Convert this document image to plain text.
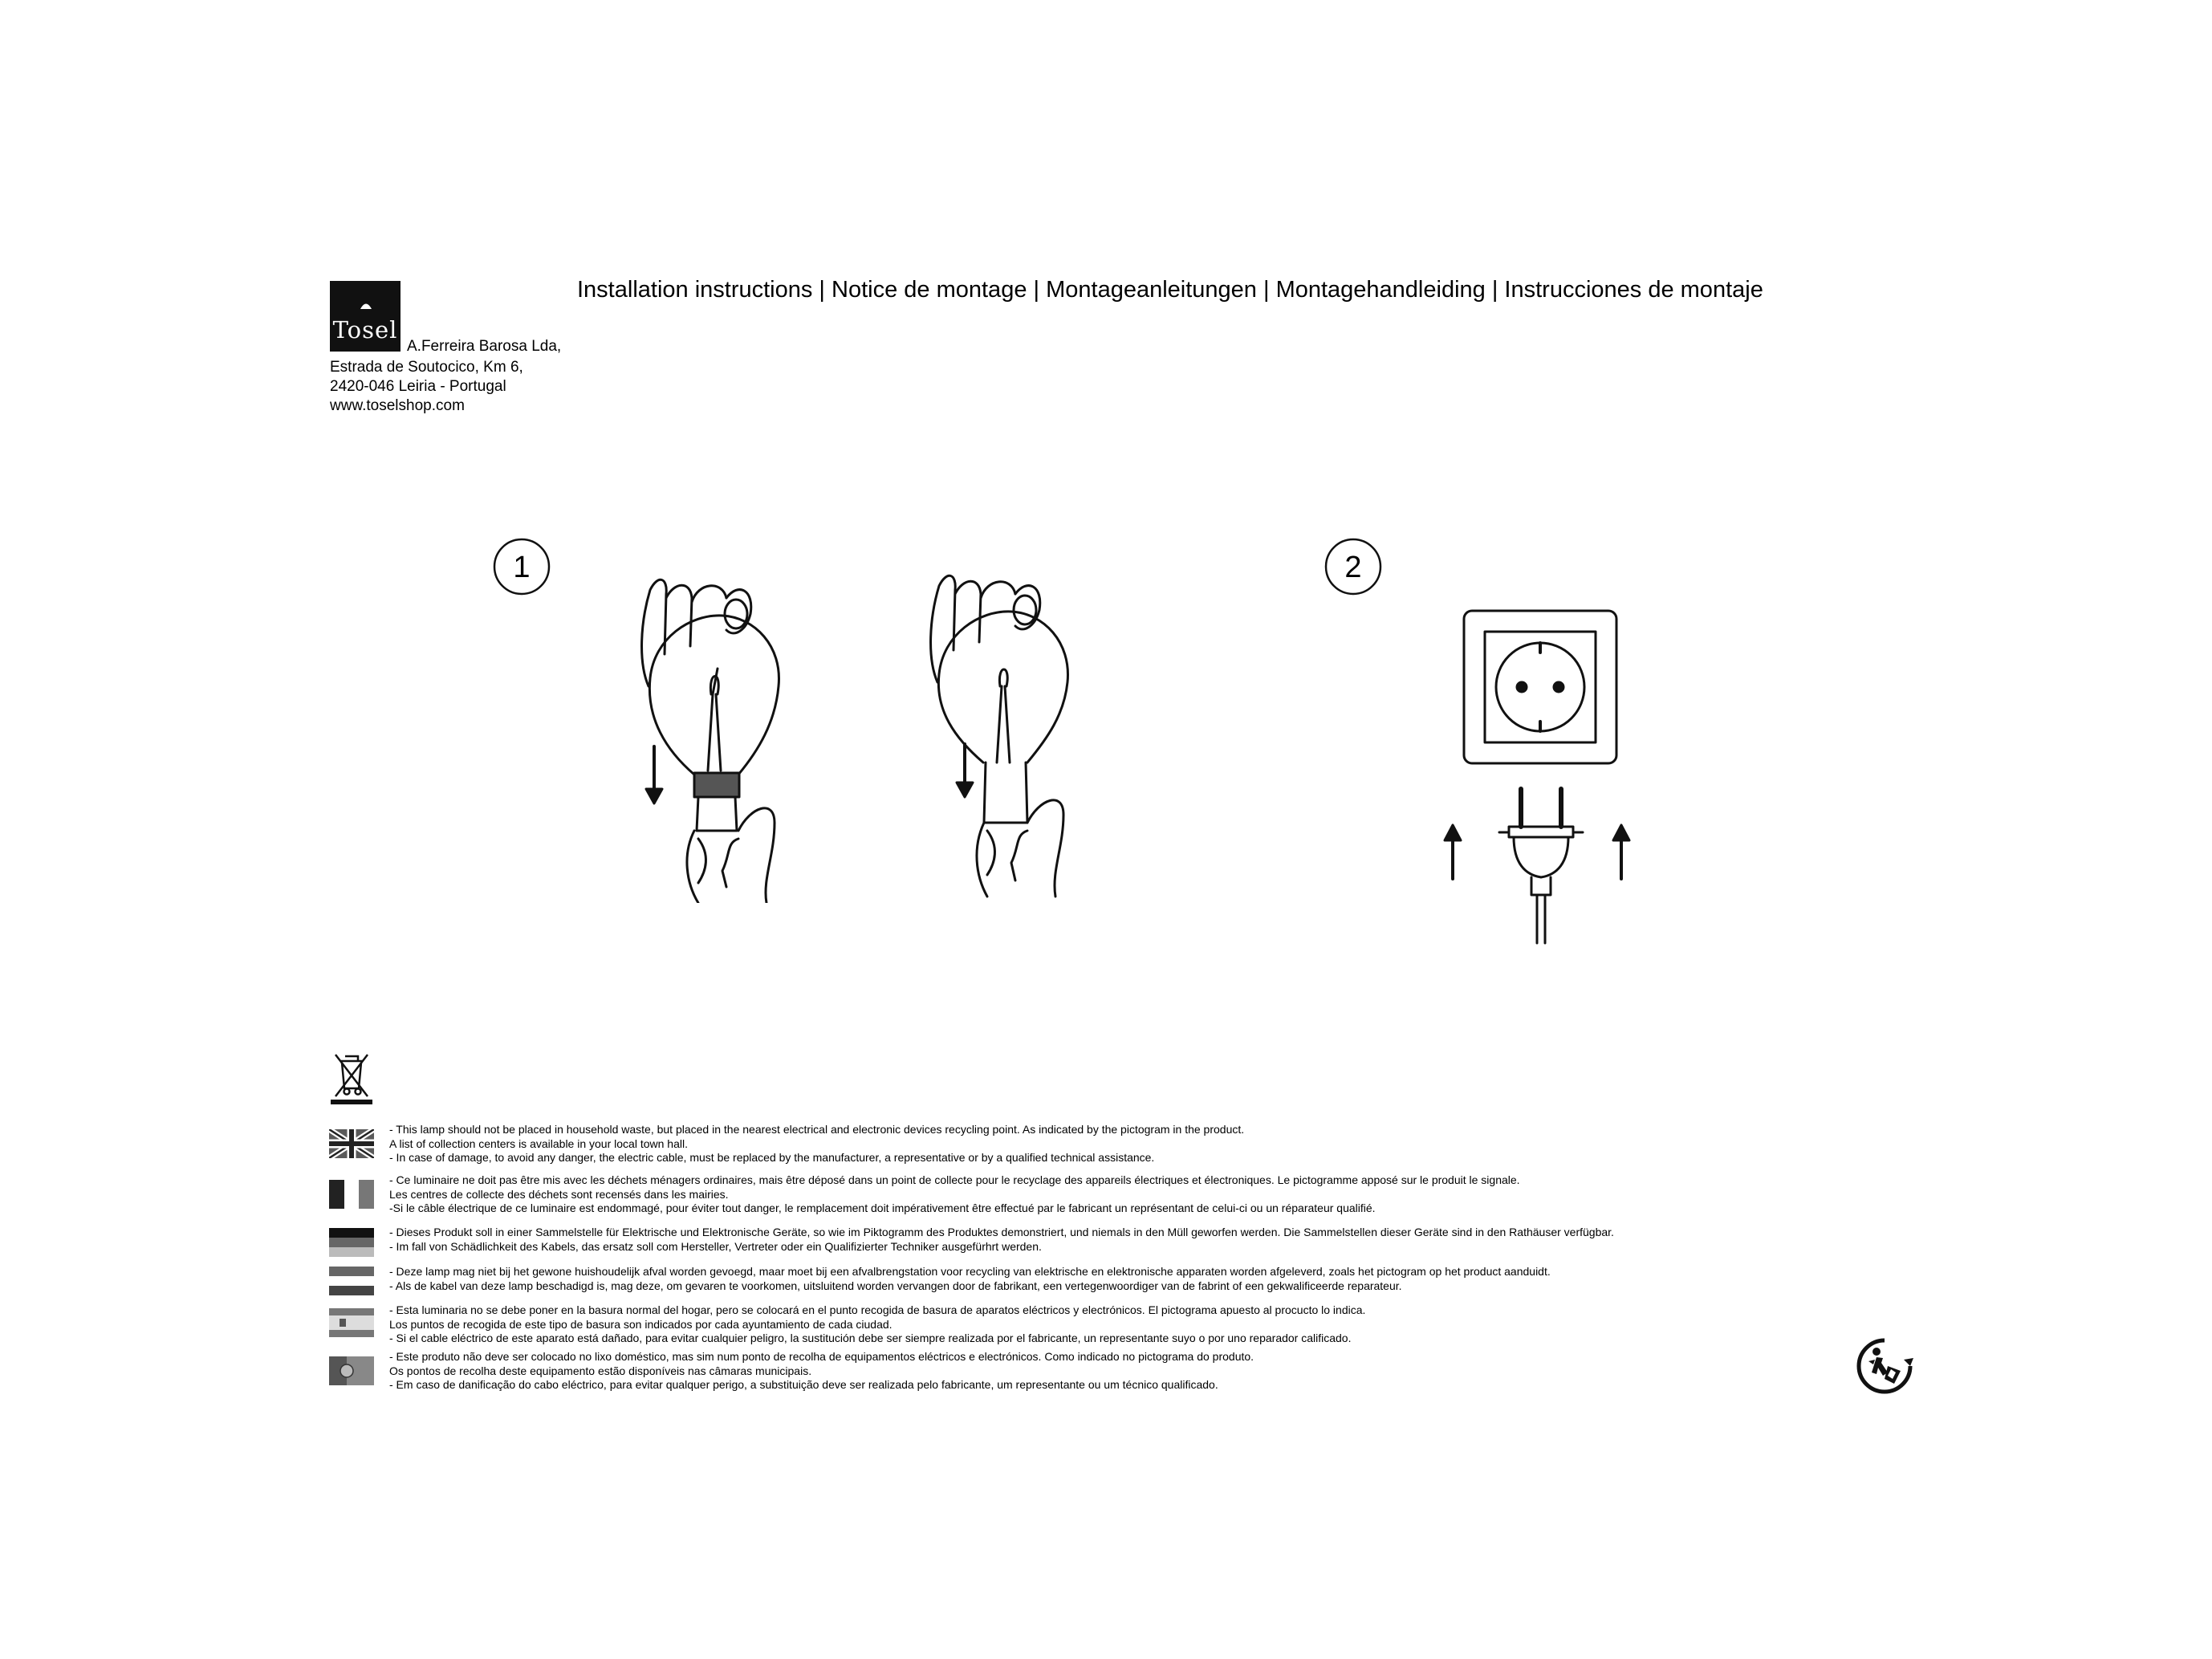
Tosel
A.Ferreira Barosa Lda,
Estrada de Soutocico, Km 6,
2420-046 Leiria - Portugal
www.toselshop.com
Installation instructions | Notice de montage | Montageanleitungen | Montagehandleiding | Instrucciones de montaje
1	2
- This lamp should not be placed in household waste, but placed in the nearest electrical and electronic devices recycling point. As indicated by the pictogram in the product.
A list of collection centers is available in your local town hall.
- In case of damage, to avoid any danger, the electric cable, must be replaced by the manufacturer, a representative or by a qualified technical assistance.
- Ce luminaire ne doit pas être mis avec les déchets ménagers ordinaires, mais être déposé dans un point de collecte pour le recyclage des appareils électriques et électroniques. Le pictogramme apposé sur le produit le signale.
Les centres de collecte des déchets sont recensés dans les mairies.
-Si le câble électrique de ce luminaire est endommagé, pour éviter tout danger, le remplacement doit impérativement être effectué par le fabricant un représentant de celui-ci ou un réparateur qualifié.
- Dieses Produkt soll in einer Sammelstelle für Elektrische und Elektronische Geräte, so wie im Piktogramm des Produktes demonstriert, und niemals in den Müll geworfen werden. Die Sammelstellen dieser Geräte sind in den Rathäuser verfügbar.
- Im fall von Schädlichkeit des Kabels, das ersatz soll com Hersteller, Vertreter oder ein Qualifizierter Techniker ausgefürhrt werden.
- Deze lamp mag niet bij het gewone huishoudelijk afval worden gevoegd, maar moet bij een afvalbrengstation voor recycling van elektrische en elektronische apparaten worden afgeleverd, zoals het pictogram op het product aanduidt.
- Als de kabel van deze lamp beschadigd is, mag deze, om gevaren te voorkomen, uitsluitend worden vervangen door de fabrikant, een vertegenwoordiger van de fabrint of een gekwalificeerde reparateur.
- Esta luminaria no se debe poner en la basura normal del hogar, pero se colocará en el punto recogida de basura de aparatos eléctricos y electrónicos. El pictograma apuesto al procucto lo indica.
Los puntos de recogida de este tipo de basura son indicados por cada ayuntamiento de cada ciudad.
- Si el cable eléctrico de este aparato está dañado, para evitar cualquier peligro, la sustitución debe ser siempre realizada por el fabricante, un representante suyo o por uno reparador calificado.
- Este produto não deve ser colocado no lixo doméstico, mas sim num ponto de recolha de equipamentos eléctricos e electrónicos. Como indicado no pictograma do produto.
Os pontos de recolha deste equipamento estão disponíveis nas câmaras municipais.
- Em caso de danificação do cabo eléctrico, para evitar qualquer perigo, a substituição deve ser realizada pelo fabricante, um representante ou um técnico qualificado.
